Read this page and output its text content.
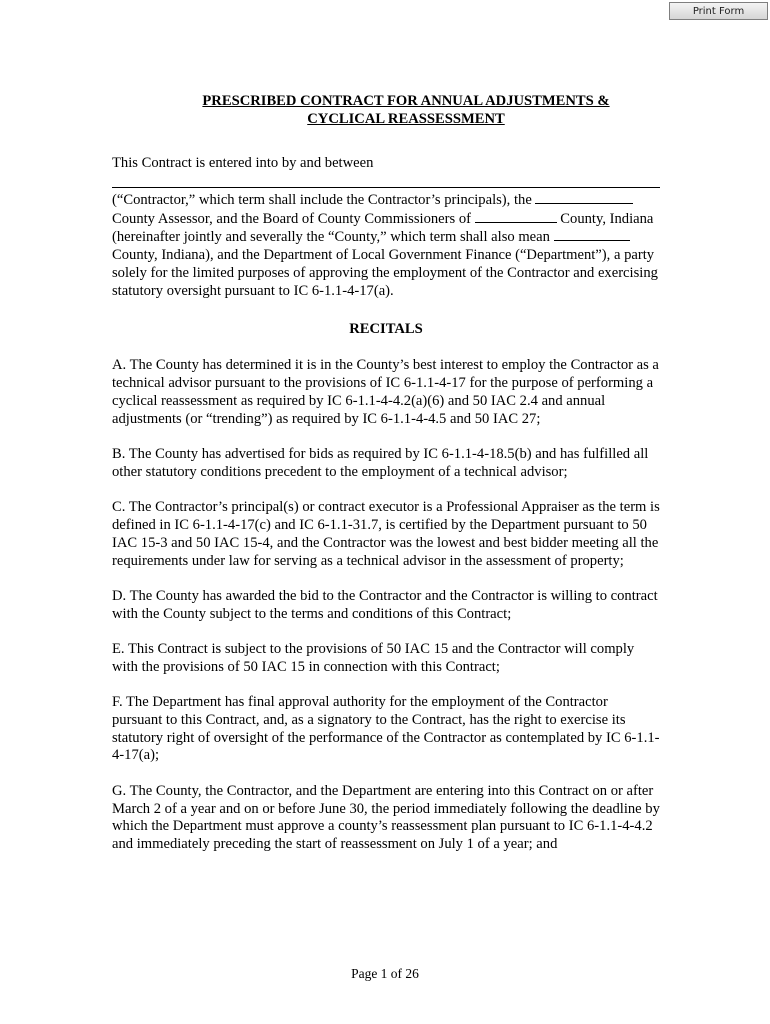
Print Form
PRESCRIBED CONTRACT FOR ANNUAL ADJUSTMENTS &
CYCLICAL REASSESSMENT

This Contract is entered into by and between

(“Contractor,” which term shall include the Contractor’s principals), the  County Assessor, and the Board of County Commissioners of	County, Indiana (hereinafter jointly and severally the “County,” which term shall also mean  County, Indiana), and the Department of Local Government Finance (“Department”), a party solely for the limited purposes of approving the employment of the Contractor and exercising statutory oversight pursuant to IC 6-1.1-4-17(a).

RECITALS

A. The County has determined it is in the County’s best interest to employ the Contractor as a technical advisor pursuant to the provisions of IC 6-1.1-4-17 for the purpose of performing a cyclical reassessment as required by IC 6-1.1-4-4.2(a)(6) and 50 IAC 2.4 and annual adjustments (or “trending”) as required by IC 6-1.1-4-4.5 and 50 IAC 27;

B. The County has advertised for bids as required by IC 6-1.1-4-18.5(b) and has fulfilled all other statutory conditions precedent to the employment of a technical advisor;

C. The Contractor’s principal(s) or contract executor is a Professional Appraiser as the term is defined in IC 6-1.1-4-17(c) and IC 6-1.1-31.7, is certified by the Department pursuant to 50 IAC 15-3 and 50 IAC 15-4, and the Contractor was the lowest and best bidder meeting all the requirements under law for serving as a technical advisor in the assessment of property;

D. The County has awarded the bid to the Contractor and the Contractor is willing to contract with the County subject to the terms and conditions of this Contract;

E. This Contract is subject to the provisions of 50 IAC 15 and the Contractor will comply with the provisions of 50 IAC 15 in connection with this Contract;

F. The Department has final approval authority for the employment of the Contractor pursuant to this Contract, and, as a signatory to the Contract, has the right to exercise its statutory right of oversight of the performance of the Contractor as contemplated by IC 6-1.1-4-17(a);

G. The County, the Contractor, and the Department are entering into this Contract on or after March 2 of a year and on or before June 30, the period immediately following the deadline by which the Department must approve a county’s reassessment plan pursuant to IC 6-1.1-4-4.2 and immediately preceding the start of reassessment on July 1 of a year; and

Page 1 of 26
